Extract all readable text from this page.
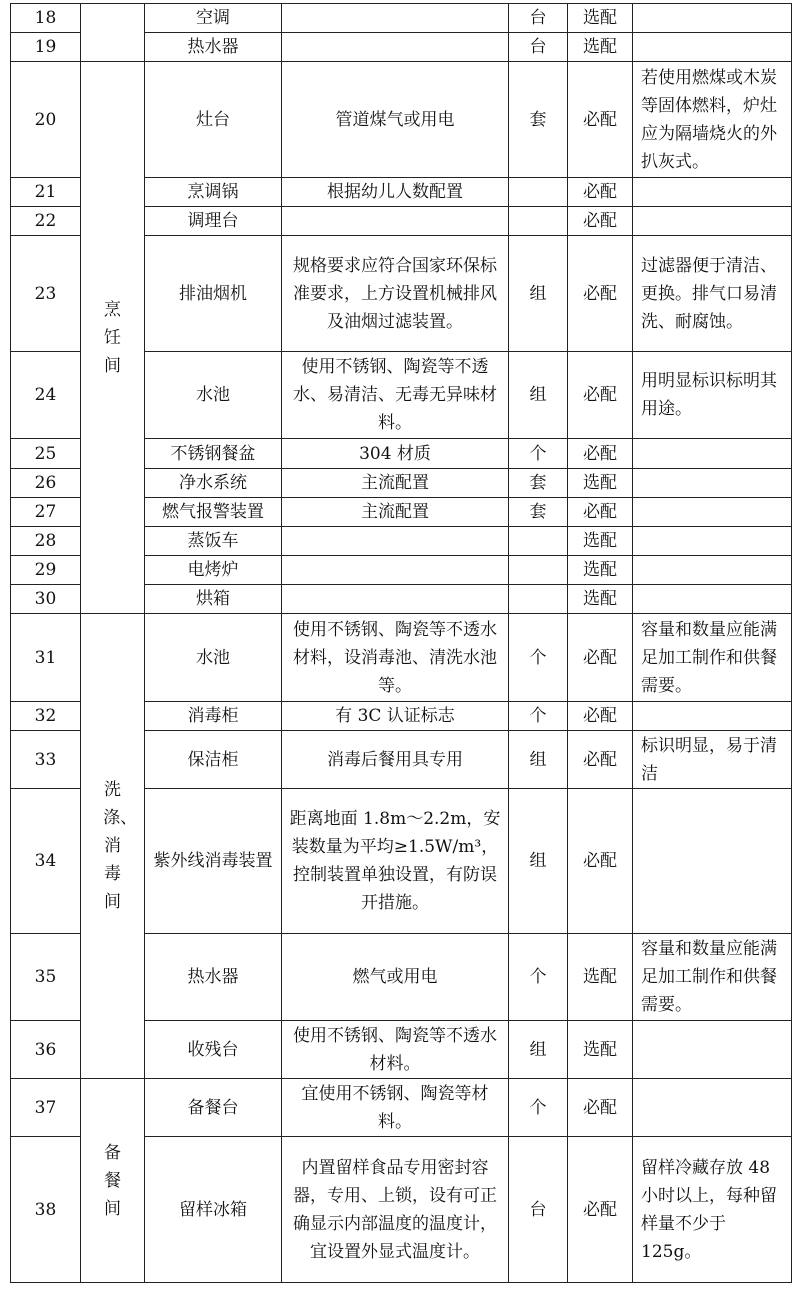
18		空调		台	选配	
19		热水器		台	选配	
20	烹饪间	灶台	管道煤气或用电	套	必配	若使用燃煤或木炭等固体燃料，炉灶应为隔墙烧火的外扒灰式。
21		烹调锅	根据幼儿人数配置		必配	
22		调理台			必配	
23		排油烟机	规格要求应符合国家环保标准要求，上方设置机械排风及油烟过滤装置。	组	必配	过滤器便于清洁、更换。排气口易清洗、耐腐蚀。
24		水池	使用不锈钢、陶瓷等不透水、易清洁、无毒无异味材料。	组	必配	用明显标识标明其用途。
25		不锈钢餐盆	304 材质	个	必配	
26		净水系统	主流配置	套	选配	
27		燃气报警装置	主流配置	套	必配	
28		蒸饭车			选配	
29		电烤炉			选配	
30		烘箱			选配	
31	洗涤、消毒间	水池	使用不锈钢、陶瓷等不透水材料，设消毒池、清洗水池等。	个	必配	容量和数量应能满足加工制作和供餐需要。
32		消毒柜	有 3C 认证标志	个	必配	
33		保洁柜	消毒后餐用具专用	组	必配	标识明显，易于清洁
34		紫外线消毒装置	距离地面 1.8m～2.2m，安装数量为平均≥1.5W/m³，控制装置单独设置，有防误开措施。	组	必配	
35		热水器	燃气或用电	个	选配	容量和数量应能满足加工制作和供餐需要。
36		收残台	使用不锈钢、陶瓷等不透水材料。	组	选配	
37	备餐间	备餐台	宜使用不锈钢、陶瓷等材料。	个	必配	
38		留样冰箱	内置留样食品专用密封容器，专用、上锁，设有可正确显示内部温度的温度计，宜设置外显式温度计。	台	必配	留样冷藏存放 48 小时以上，每种留样量不少于 125g。
